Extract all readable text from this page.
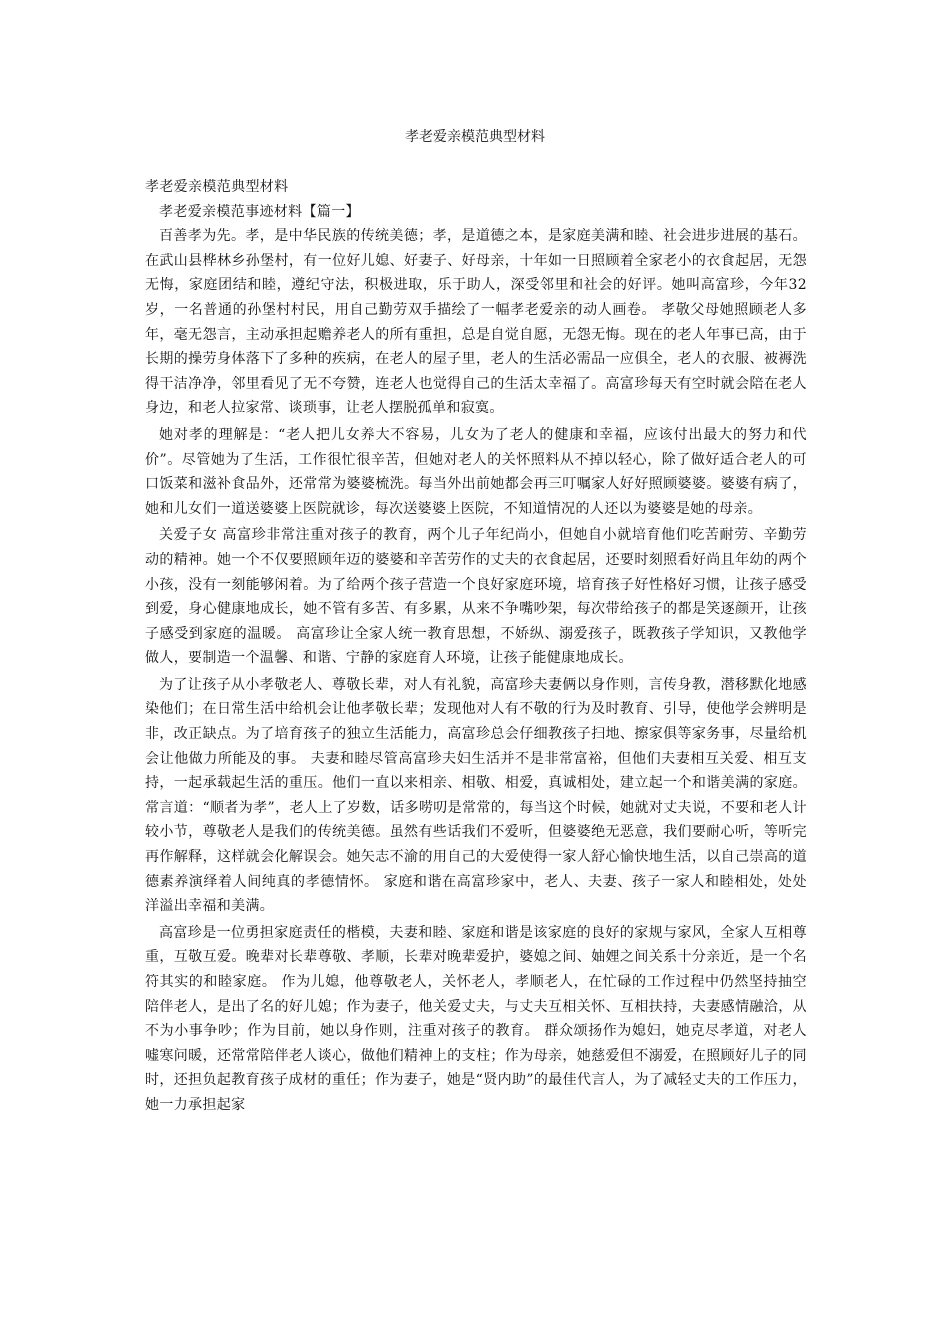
孝老爱亲模范典型材料

孝老爱亲模范典型材料

孝老爱亲模范事迹材料【篇一】

百善孝为先。孝，是中华民族的传统美德；孝，是道德之本，是家庭美满和睦、社会进步进展的基石。在武山县桦林乡孙堡村，有一位好儿媳、好妻子、好母亲，十年如一日照顾着全家老小的衣食起居，无怨无悔，家庭团结和睦，遵纪守法，积极进取，乐于助人，深受邻里和社会的好评。她叫高富珍，今年32岁，一名普通的孙堡村村民，用自己勤劳双手描绘了一幅孝老爱亲的动人画卷。 孝敬父母她照顾老人多年，毫无怨言，主动承担起赡养老人的所有重担，总是自觉自愿，无怨无悔。现在的老人年事已高，由于长期的操劳身体落下了多种的疾病，在老人的屋子里，老人的生活必需品一应俱全，老人的衣服、被褥洗得干洁净净，邻里看见了无不夸赞，连老人也觉得自己的生活太幸福了。高富珍每天有空时就会陪在老人身边，和老人拉家常、谈琐事，让老人摆脱孤单和寂寞。

她对孝的理解是：“老人把儿女养大不容易，儿女为了老人的健康和幸福，应该付出最大的努力和代价”。尽管她为了生活，工作很忙很辛苦，但她对老人的关怀照料从不掉以轻心，除了做好适合老人的可口饭菜和滋补食品外，还常常为婆婆梳洗。每当外出前她都会再三叮嘱家人好好照顾婆婆。婆婆有病了，她和儿女们一道送婆婆上医院就诊，每次送婆婆上医院，不知道情况的人还以为婆婆是她的母亲。

关爱子女 高富珍非常注重对孩子的教育，两个儿子年纪尚小，但她自小就培育他们吃苦耐劳、辛勤劳动的精神。她一个不仅要照顾年迈的婆婆和辛苦劳作的丈夫的衣食起居，还要时刻照看好尚且年幼的两个小孩，没有一刻能够闲着。为了给两个孩子营造一个良好家庭环境，培育孩子好性格好习惯，让孩子感受到爱，身心健康地成长，她不管有多苦、有多累，从来不争嘴吵架，每次带给孩子的都是笑逐颜开，让孩子感受到家庭的温暖。 高富珍让全家人统一教育思想，不娇纵、溺爱孩子，既教孩子学知识，又教他学做人，要制造一个温馨、和谐、宁静的家庭育人环境，让孩子能健康地成长。

为了让孩子从小孝敬老人、尊敬长辈，对人有礼貌，高富珍夫妻俩以身作则，言传身教，潜移默化地感染他们；在日常生活中给机会让他孝敬长辈；发现他对人有不敬的行为及时教育、引导，使他学会辨明是非，改正缺点。为了培育孩子的独立生活能力，高富珍总会仔细教孩子扫地、擦家俱等家务事，尽量给机会让他做力所能及的事。 夫妻和睦尽管高富珍夫妇生活并不是非常富裕，但他们夫妻相互关爱、相互支持，一起承载起生活的重压。他们一直以来相亲、相敬、相爱，真诚相处，建立起一个和谐美满的家庭。常言道：“顺者为孝”，老人上了岁数，话多唠叨是常常的，每当这个时候，她就对丈夫说，不要和老人计较小节，尊敬老人是我们的传统美德。虽然有些话我们不爱听，但婆婆绝无恶意，我们要耐心听，等听完再作解释，这样就会化解误会。她矢志不渝的用自己的大爱使得一家人舒心愉快地生活，以自己崇高的道德素养演绎着人间纯真的孝德情怀。 家庭和谐在高富珍家中，老人、夫妻、孩子一家人和睦相处，处处洋溢出幸福和美满。

高富珍是一位勇担家庭责任的楷模，夫妻和睦、家庭和谐是该家庭的良好的家规与家风，全家人互相尊重，互敬互爱。晚辈对长辈尊敬、孝顺，长辈对晚辈爱护，婆媳之间、妯娌之间关系十分亲近，是一个名符其实的和睦家庭。 作为儿媳，他尊敬老人，关怀老人，孝顺老人，在忙碌的工作过程中仍然坚持抽空陪伴老人，是出了名的好儿媳；作为妻子，他关爱丈夫，与丈夫互相关怀、互相扶持，夫妻感情融洽，从不为小事争吵；作为目前，她以身作则，注重对孩子的教育。 群众颂扬作为媳妇，她克尽孝道，对老人嘘寒问暖，还常常陪伴老人谈心，做他们精神上的支柱；作为母亲，她慈爱但不溺爱，在照顾好儿子的同时，还担负起教育孩子成材的重任；作为妻子，她是“贤内助”的最佳代言人，为了减轻丈夫的工作压力，她一力承担起家
